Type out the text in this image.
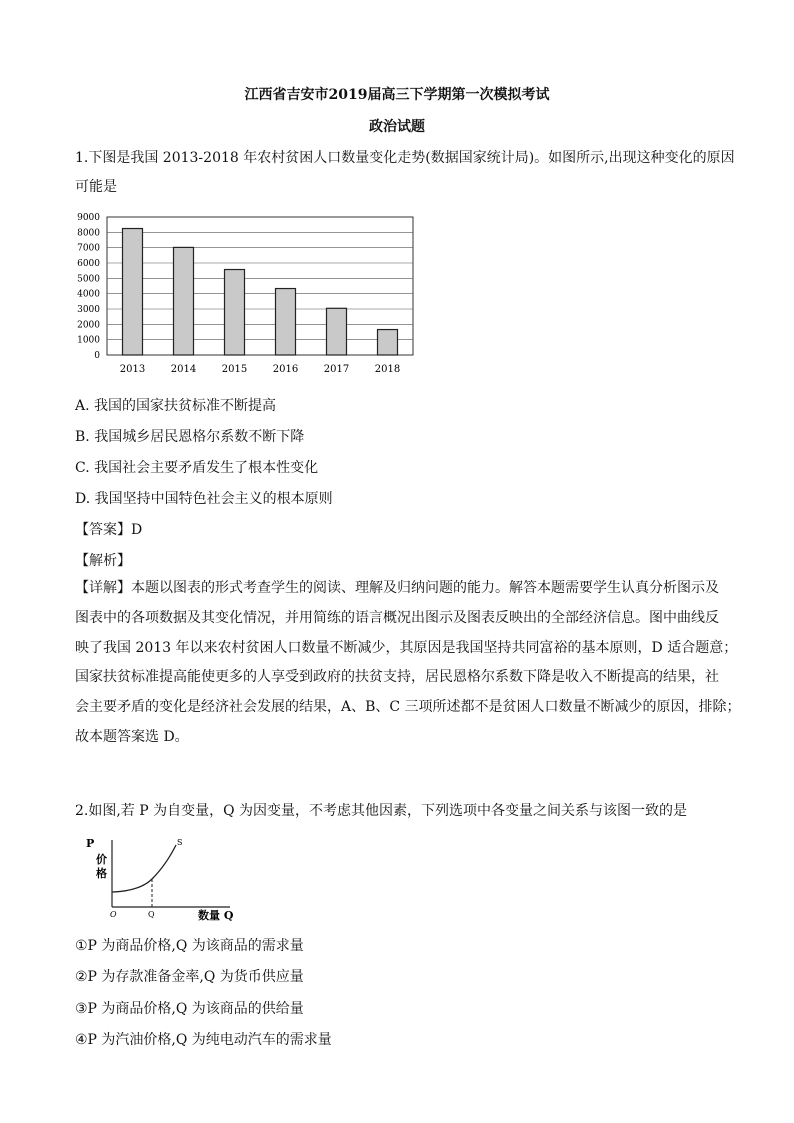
江西省吉安市2019届高三下学期第一次模拟考试
政治试题
1.下图是我国 2013-2018 年农村贫困人口数量变化走势(数据国家统计局)。如图所示,出现这种变化的原因
可能是
9000
8000
7000
6000
5000
4000
3000
2000
1000
0
2013	2014	2015	2016	2017	2018
A. 我国的国家扶贫标准不断提高
B. 我国城乡居民恩格尔系数不断下降
C. 我国社会主要矛盾发生了根本性变化
D. 我国坚持中国特色社会主义的根本原则
【答案】D
【解析】
【详解】本题以图表的形式考查学生的阅读、理解及归纳问题的能力。解答本题需要学生认真分析图示及
图表中的各项数据及其变化情况，并用简练的语言概况出图示及图表反映出的全部经济信息。图中曲线反
映了我国 2013 年以来农村贫困人口数量不断减少，其原因是我国坚持共同富裕的基本原则，D 适合题意；
国家扶贫标准提高能使更多的人享受到政府的扶贫支持，居民恩格尔系数下降是收入不断提高的结果，社
会主要矛盾的变化是经济社会发展的结果，A、B、C 三项所述都不是贫困人口数量不断减少的原因，排除；
故本题答案选 D。
2.如图,若 P 为自变量，Q 为因变量，不考虑其他因素，下列选项中各变量之间关系与该图一致的是
P
价
格
S
O	Q	数量 Q
①P 为商品价格,Q 为该商品的需求量
②P 为存款准备金率,Q 为货币供应量
③P 为商品价格,Q 为该商品的供给量
④P 为汽油价格,Q 为纯电动汽车的需求量
